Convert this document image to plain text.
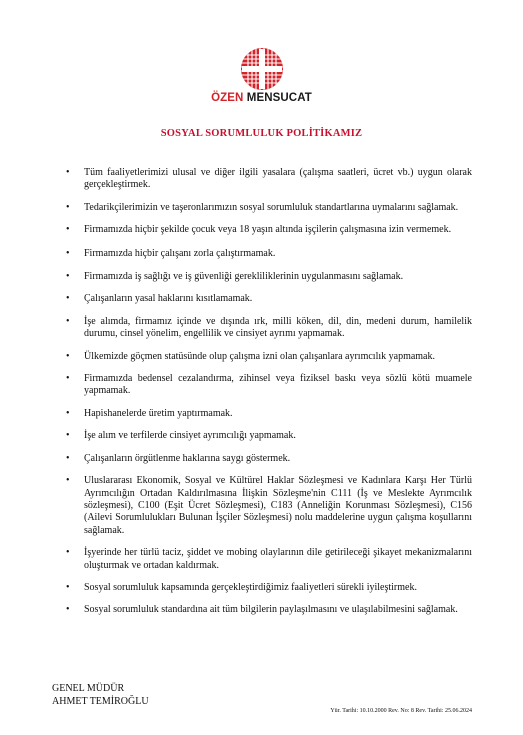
ÖZEN MENSUCAT
SOSYAL SORUMLULUK POLİTİKAMIZ
• Tüm faaliyetlerimizi ulusal ve diğer ilgili yasalara (çalışma saatleri, ücret vb.) uygun olarak gerçekleştirmek.
• Tedarikçilerimizin ve taşeronlarımızın sosyal sorumluluk standartlarına uymalarını sağlamak.
• Firmamızda hiçbir şekilde çocuk veya 18 yaşın altında işçilerin çalışmasına izin vermemek.
• Firmamızda hiçbir çalışanı zorla çalıştırmamak.
• Firmamızda iş sağlığı ve iş güvenliği gerekliliklerinin uygulanmasını sağlamak.
• Çalışanların yasal haklarını kısıtlamamak.
• İşe alımda, firmamız içinde ve dışında ırk, milli köken, dil, din, medeni durum, hamilelik durumu, cinsel yönelim, engellilik ve cinsiyet ayrımı yapmamak.
• Ülkemizde göçmen statüsünde olup çalışma izni olan çalışanlara ayrımcılık yapmamak.
• Firmamızda bedensel cezalandırma, zihinsel veya fiziksel baskı veya sözlü kötü muamele yapmamak.
• Hapishanelerde üretim yaptırmamak.
• İşe alım ve terfilerde cinsiyet ayrımcılığı yapmamak.
• Çalışanların örgütlenme haklarına saygı göstermek.
• Uluslararası Ekonomik, Sosyal ve Kültürel Haklar Sözleşmesi ve Kadınlara Karşı Her Türlü Ayrımcılığın Ortadan Kaldırılmasına İlişkin Sözleşme'nin C111 (İş ve Meslekte Ayrımcılık sözleşmesi), C100 (Eşit Ücret Sözleşmesi), C183 (Anneliğin Korunması Sözleşmesi), C156 (Ailevi Sorumlulukları Bulunan İşçiler Sözleşmesi) nolu maddelerine uygun çalışma koşullarını sağlamak.
• İşyerinde her türlü taciz, şiddet ve mobing olaylarının dile getirileceği şikayet mekanizmalarını oluşturmak ve ortadan kaldırmak.
• Sosyal sorumluluk kapsamında gerçekleştirdiğimiz faaliyetleri sürekli iyileştirmek.
• Sosyal sorumluluk standardına ait tüm bilgilerin paylaşılmasını ve ulaşılabilmesini sağlamak.
GENEL MÜDÜR
AHMET TEMİROĞLU
Yür. Tarihi: 10.10.2000 Rev. No: 8 Rev. Tarihi: 25.06.2024
